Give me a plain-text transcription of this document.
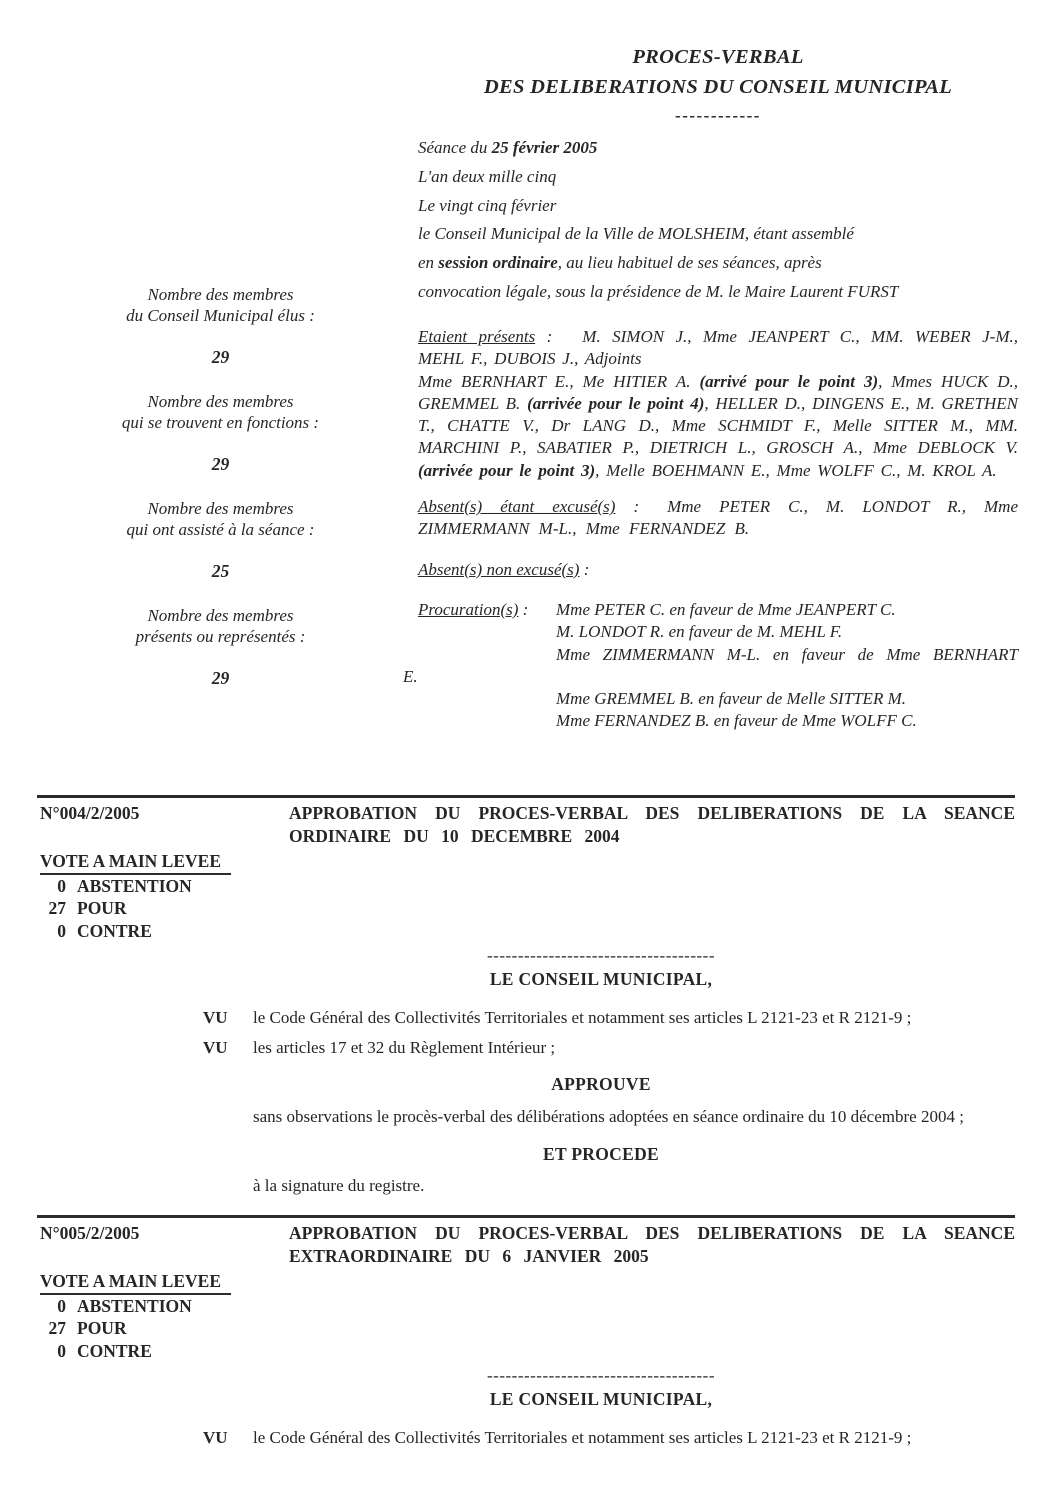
PROCES-VERBAL
DES DELIBERATIONS DU CONSEIL MUNICIPAL
------------
Séance du 25 février 2005
L'an deux mille cinq
Le vingt cinq février
le Conseil Municipal de la Ville de MOLSHEIM, étant assemblé
en session ordinaire, au lieu habituel de ses séances, après
convocation légale, sous la présidence de M. le Maire Laurent FURST
Nombre des membres
du Conseil Municipal élus :
29
Nombre des membres
qui se trouvent en fonctions :
29
Nombre des membres
qui ont assisté à la séance :
25
Nombre des membres
présents ou représentés :
29
Etaient présents : M. SIMON J., Mme JEANPERT C., MM. WEBER J-M., MEHL F., DUBOIS J., Adjoints
Mme BERNHART E., Me HITIER A. (arrivé pour le point 3), Mmes HUCK D., GREMMEL B. (arrivée pour le point 4), HELLER D., DINGENS E., M. GRETHEN T., CHATTE V., Dr LANG D., Mme SCHMIDT F., Melle SITTER M., MM. MARCHINI P., SABATIER P., DIETRICH L., GROSCH A., Mme DEBLOCK V. (arrivée pour le point 3), Melle BOEHMANN E., Mme WOLFF C., M. KROL A.
Absent(s) étant excusé(s) : Mme PETER C., M. LONDOT R., Mme ZIMMERMANN M-L., Mme FERNANDEZ B.
Absent(s) non excusé(s) :
Procuration(s) : Mme PETER C. en faveur de Mme JEANPERT C.
M. LONDOT R. en faveur de M. MEHL F.
Mme ZIMMERMANN M-L. en faveur de Mme BERNHART
E.
Mme GREMMEL B. en faveur de Melle SITTER M.
Mme FERNANDEZ B. en faveur de Mme WOLFF C.
N°004/2/2005	APPROBATION DU PROCES-VERBAL DES DELIBERATIONS DE LA SEANCE ORDINAIRE DU 10 DECEMBRE 2004
VOTE A MAIN LEVEE
0 ABSTENTION
27 POUR
0 CONTRE
-------------------------------------
LE CONSEIL MUNICIPAL,
VU	le Code Général des Collectivités Territoriales et notamment ses articles L 2121-23 et R 2121-9 ;
VU	les articles 17 et 32 du Règlement Intérieur ;
APPROUVE
sans observations le procès-verbal des délibérations adoptées en séance ordinaire du 10 décembre 2004 ;
ET PROCEDE
à la signature du registre.
N°005/2/2005	APPROBATION DU PROCES-VERBAL DES DELIBERATIONS DE LA SEANCE EXTRAORDINAIRE DU 6 JANVIER 2005
VOTE A MAIN LEVEE
0 ABSTENTION
27 POUR
0 CONTRE
-------------------------------------
LE CONSEIL MUNICIPAL,
VU	le Code Général des Collectivités Territoriales et notamment ses articles L 2121-23 et R 2121-9 ;
